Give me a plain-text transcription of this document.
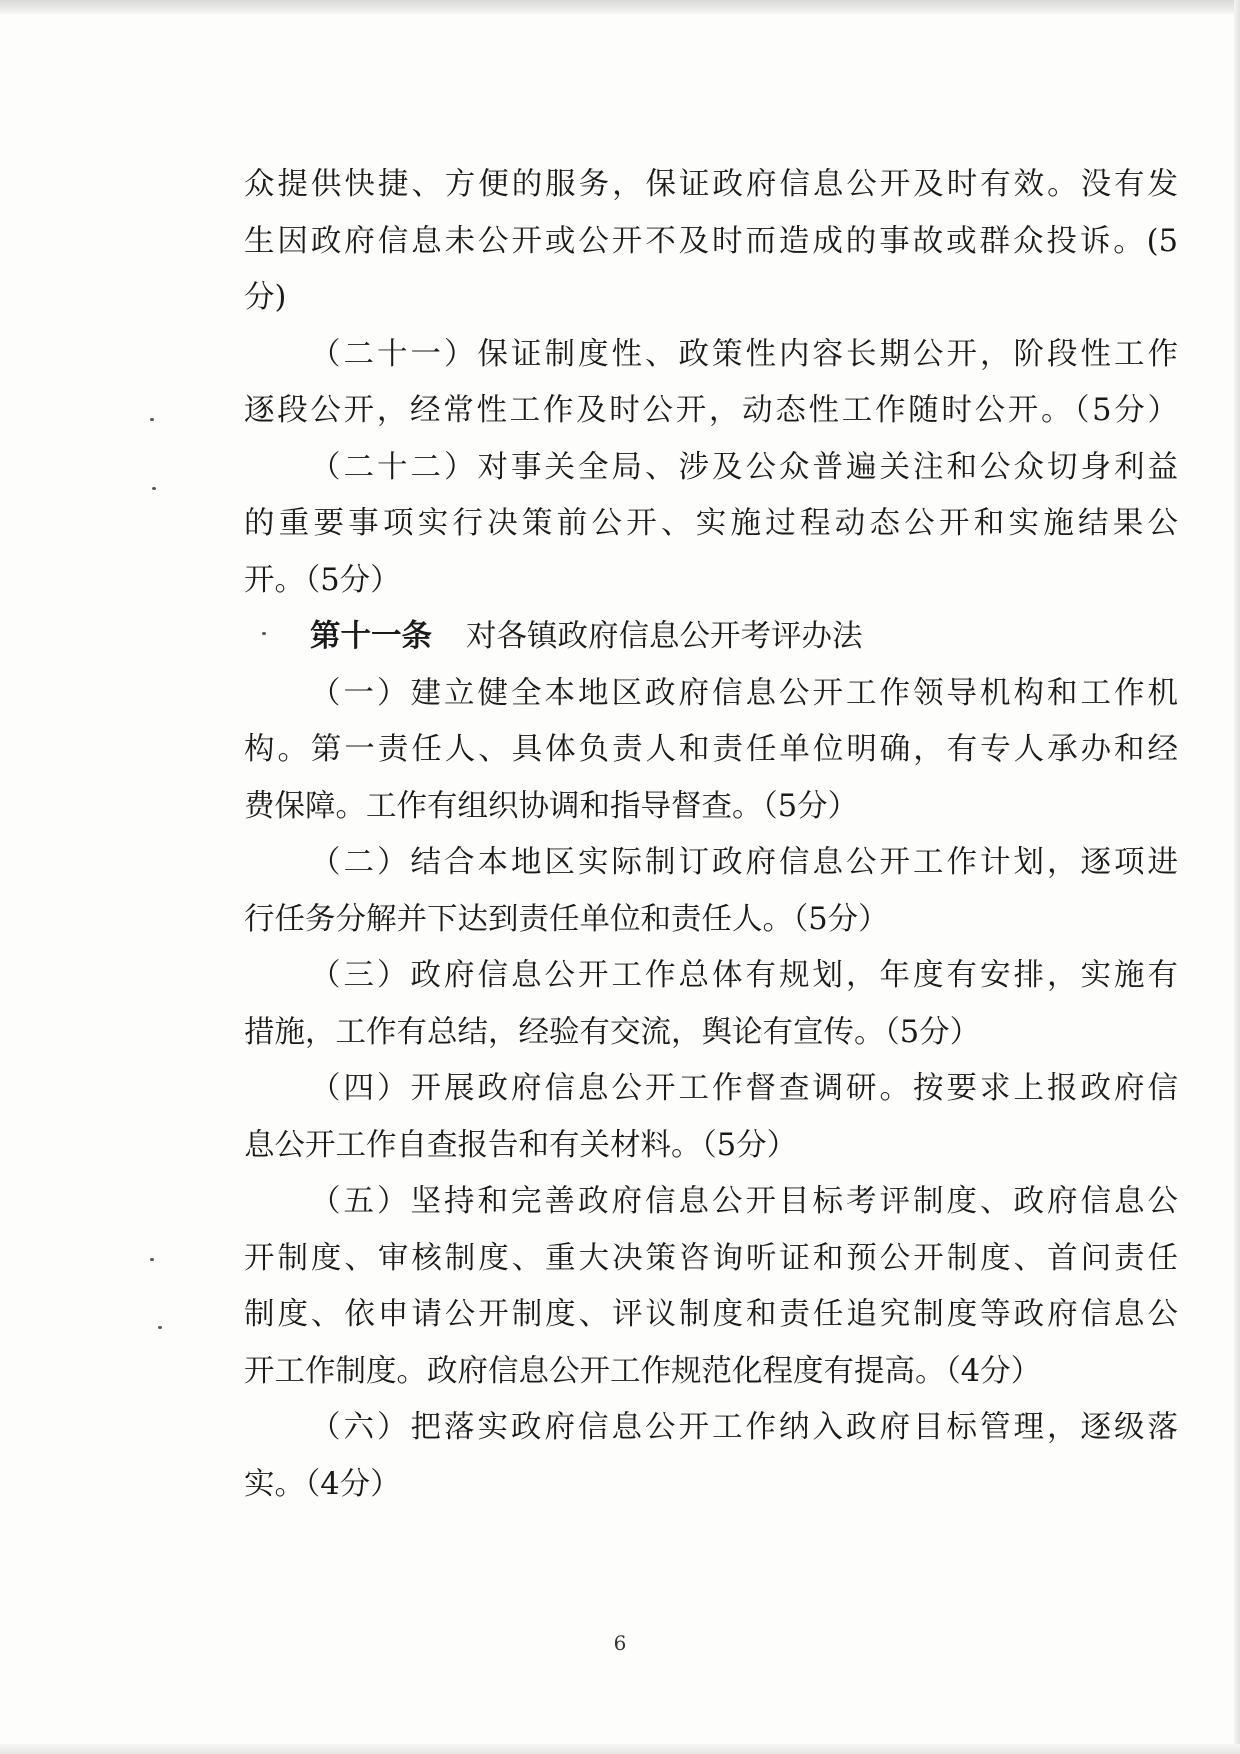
众提供快捷、方便的服务，保证政府信息公开及时有效。没有发
生因政府信息未公开或公开不及时而造成的事故或群众投诉。(5
分)
（二十一）保证制度性、政策性内容长期公开，阶段性工作
逐段公开，经常性工作及时公开，动态性工作随时公开。（5分）
（二十二）对事关全局、涉及公众普遍关注和公众切身利益
的重要事项实行决策前公开、实施过程动态公开和实施结果公
开。（5分）
第十一条 对各镇政府信息公开考评办法
（一）建立健全本地区政府信息公开工作领导机构和工作机
构。第一责任人、具体负责人和责任单位明确，有专人承办和经
费保障。工作有组织协调和指导督查。（5分）
（二）结合本地区实际制订政府信息公开工作计划，逐项进
行任务分解并下达到责任单位和责任人。（5分）
（三）政府信息公开工作总体有规划，年度有安排，实施有
措施，工作有总结，经验有交流，舆论有宣传。（5分）
（四）开展政府信息公开工作督查调研。按要求上报政府信
息公开工作自查报告和有关材料。（5分）
（五）坚持和完善政府信息公开目标考评制度、政府信息公
开制度、审核制度、重大决策咨询听证和预公开制度、首问责任
制度、依申请公开制度、评议制度和责任追究制度等政府信息公
开工作制度。政府信息公开工作规范化程度有提高。（4分）
（六）把落实政府信息公开工作纳入政府目标管理，逐级落
实。（4分）
6
